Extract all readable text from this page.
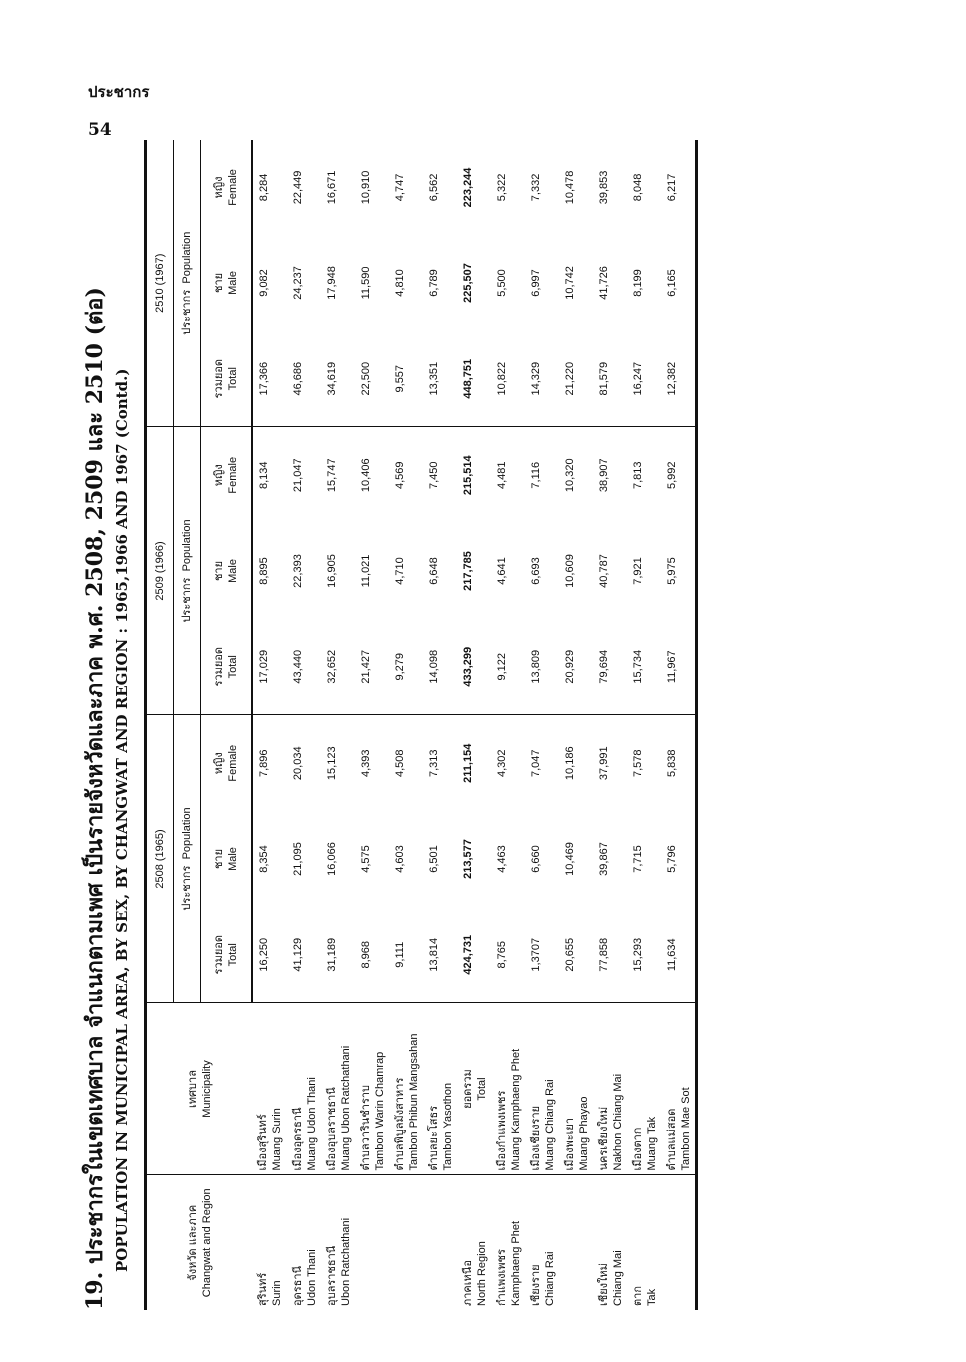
ประชากร
54
19. ประชากรในเขตเทศบาล จำแนกตามเพศ เป็นรายจังหวัดและภาค พ.ศ. 2508, 2509 และ 2510 (ต่อ) POPULATION IN MUNICIPAL AREA, BY SEX, BY CHANGWAT AND REGION : 1965,1966 AND 1967 (Contd.)	จังหวัด และภาค Changwat and Region	เทศบาล Municipality	2508 (1965)			2509 (1966)			2510 (1967)		
		ประชากร  Population			ประชากร  Population			ประชากร  Population		

		รวมยอด Total	ชาย Male	หญิง Female	รวมยอด Total	ชาย Male	หญิง Female	รวมยอด Total	ชาย Male	หญิง Female

สุรินทร์ Surin	เมืองสุรินทร์ Muang Surin	16,250	8,354	7,896	17,029	8,895	8,134	17,366	9,082	8,284

อุดรธานี Udon Thani	เมืองอุดรธานี Muang Udon Thani	41,129	21,095	20,034	43,440	22,393	21,047	46,686	24,237	22,449

อุบลราชธานี Ubon Ratchathani	เมืองอุบลราชธานี Muang Ubon Ratchathani	31,189	16,066	15,123	32,652	16,905	15,747	34,619	17,948	16,671

	ตำบลวารินชำราบ Tambon Warin Chamrap	8,968	4,575	4,393	21,427	11,021	10,406	22,500	11,590	10,910

	ตำบลพิบูลมังสาหาร Tambon Phibun Mangsahan	9,111	4,603	4,508	9,279	4,710	4,569	9,557	4,810	4,747

	ตำบลยะโสธร Tambon Yasothon	13,814	6,501	7,313	14,098	6,648	7,450	13,351	6,789	6,562

ภาคเหนือ North Region	ยอดรวม Total	424,731	213,577	211,154	433,299	217,785	215,514	448,751	225,507	223,244

กำแพงเพชร Kamphaeng Phet	เมืองกำแพงเพชร Muang Kamphaeng Phet	8,765	4,463	4,302	9,122	4,641	4,481	10,822	5,500	5,322

เชียงราย Chiang Rai	เมืองเชียงราย Muang Chiang Rai	1,3707	6,660	7,047	13,809	6,693	7,116	14,329	6,997	7,332

	เมืองพะเยา Muang Phayao	20,655	10,469	10,186	20,929	10,609	10,320	21,220	10,742	10,478

เชียงใหม่ Chiang Mai	นครเชียงใหม่ Nakhon Chiang Mai	77,858	39,867	37,991	79,694	40,787	38,907	81,579	41,726	39,853

ตาก Tak	เมืองตาก Muang Tak	15,293	7,715	7,578	15,734	7,921	7,813	16,247	8,199	8,048

	ตำบลแม่สอด Tambon Mae Sot	11,634	5,796	5,838	11,967	5,975	5,992	12,382	6,165	6,217
